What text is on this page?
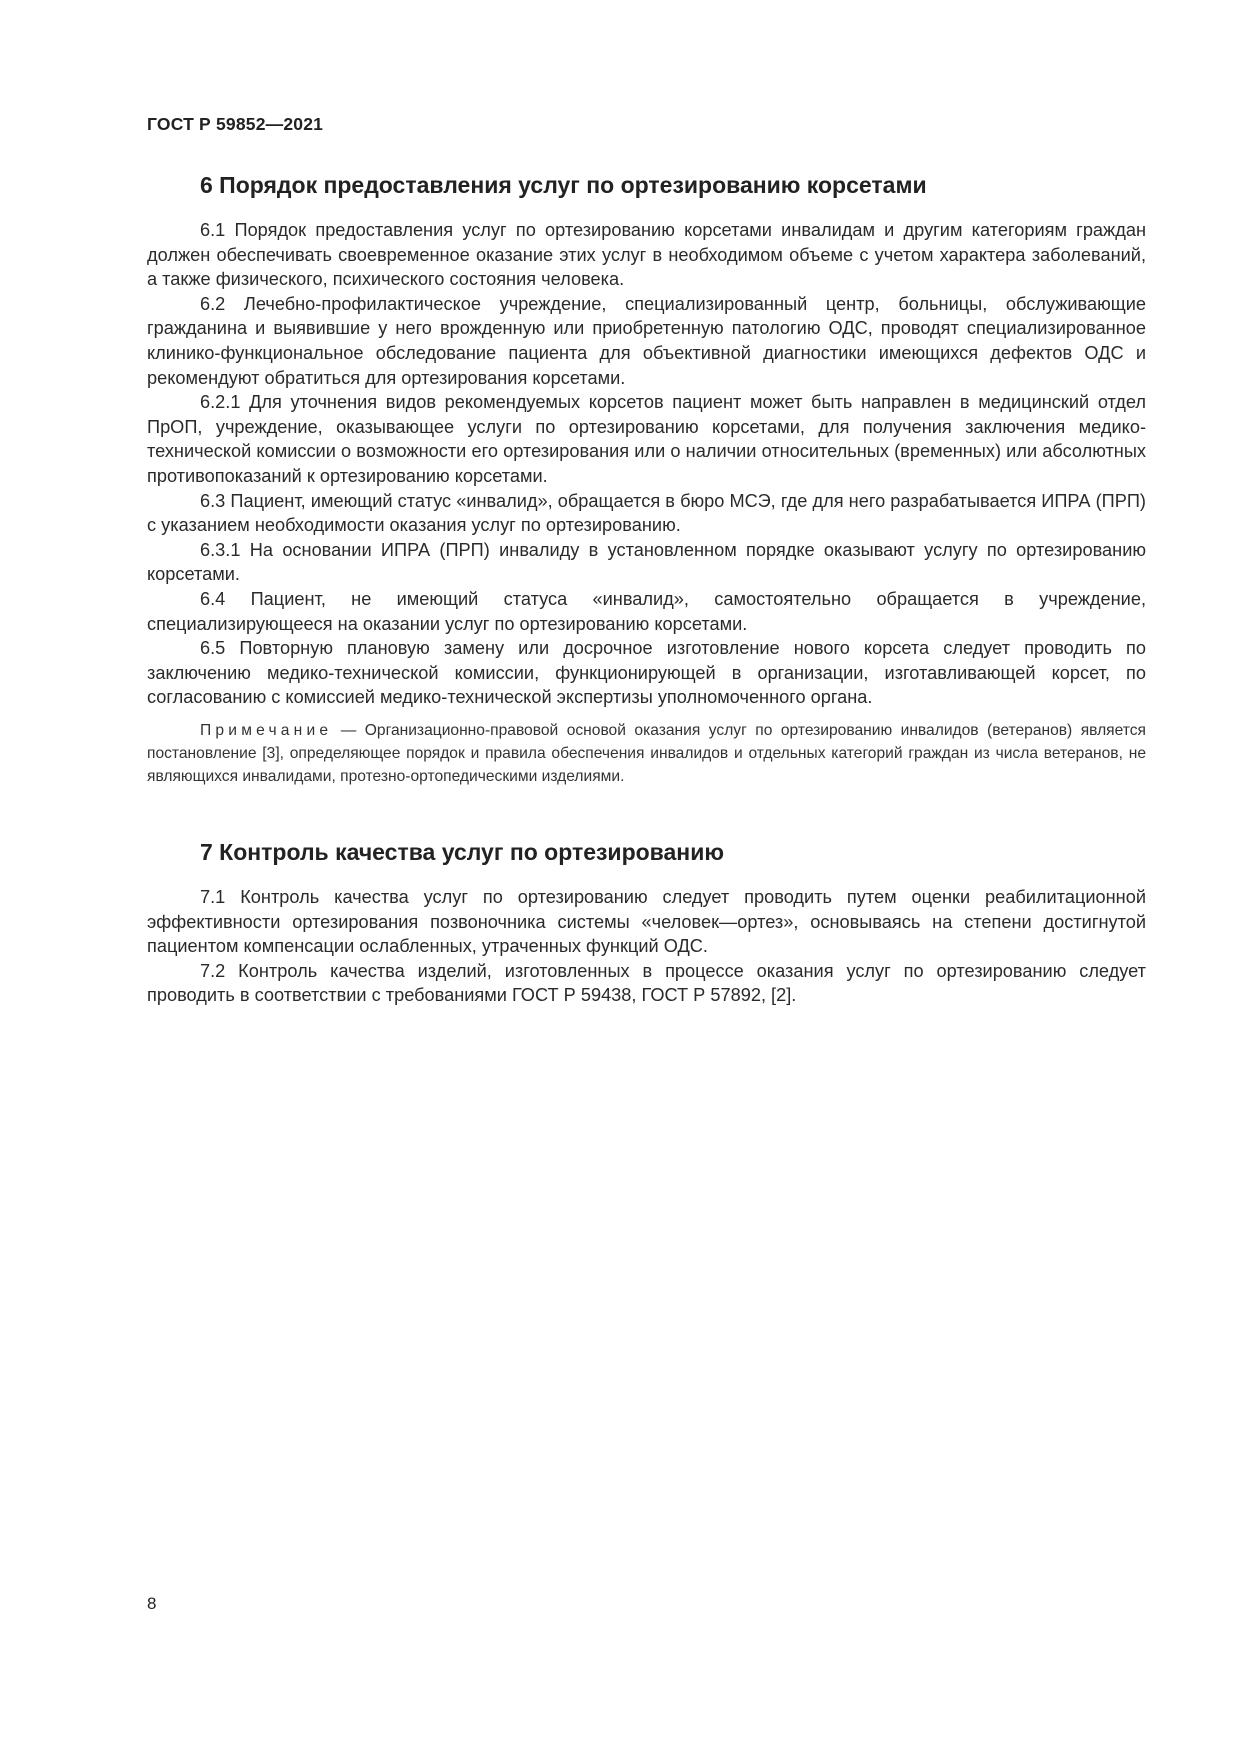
ГОСТ Р 59852—2021
6 Порядок предоставления услуг по ортезированию корсетами

6.1 Порядок предоставления услуг по ортезированию корсетами инвалидам и другим категориям граждан должен обеспечивать своевременное оказание этих услуг в необходимом объеме с учетом характера заболеваний, а также физического, психического состояния человека.

6.2 Лечебно-профилактическое учреждение, специализированный центр, больницы, обслуживающие гражданина и выявившие у него врожденную или приобретенную патологию ОДС, проводят специализированное клинико-функциональное обследование пациента для объективной диагностики имеющихся дефектов ОДС и рекомендуют обратиться для ортезирования корсетами.

6.2.1 Для уточнения видов рекомендуемых корсетов пациент может быть направлен в медицинский отдел ПрОП, учреждение, оказывающее услуги по ортезированию корсетами, для получения заключения медико-технической комиссии о возможности его ортезирования или о наличии относительных (временных) или абсолютных противопоказаний к ортезированию корсетами.

6.3 Пациент, имеющий статус «инвалид», обращается в бюро МСЭ, где для него разрабатывается ИПРА (ПРП) с указанием необходимости оказания услуг по ортезированию.

6.3.1 На основании ИПРА (ПРП) инвалиду в установленном порядке оказывают услугу по ортезированию корсетами.

6.4 Пациент, не имеющий статуса «инвалид», самостоятельно обращается в учреждение, специализирующееся на оказании услуг по ортезированию корсетами.

6.5 Повторную плановую замену или досрочное изготовление нового корсета следует проводить по заключению медико-технической комиссии, функционирующей в организации, изготавливающей корсет, по согласованию с комиссией медико-технической экспертизы уполномоченного органа.

Примечание — Организационно-правовой основой оказания услуг по ортезированию инвалидов (ветеранов) является постановление [3], определяющее порядок и правила обеспечения инвалидов и отдельных категорий граждан из числа ветеранов, не являющихся инвалидами, протезно-ортопедическими изделиями.

7 Контроль качества услуг по ортезированию

7.1 Контроль качества услуг по ортезированию следует проводить путем оценки реабилитационной эффективности ортезирования позвоночника системы «человек—ортез», основываясь на степени достигнутой пациентом компенсации ослабленных, утраченных функций ОДС.

7.2 Контроль качества изделий, изготовленных в процессе оказания услуг по ортезированию следует проводить в соответствии с требованиями ГОСТ Р 59438, ГОСТ Р 57892, [2].

8
